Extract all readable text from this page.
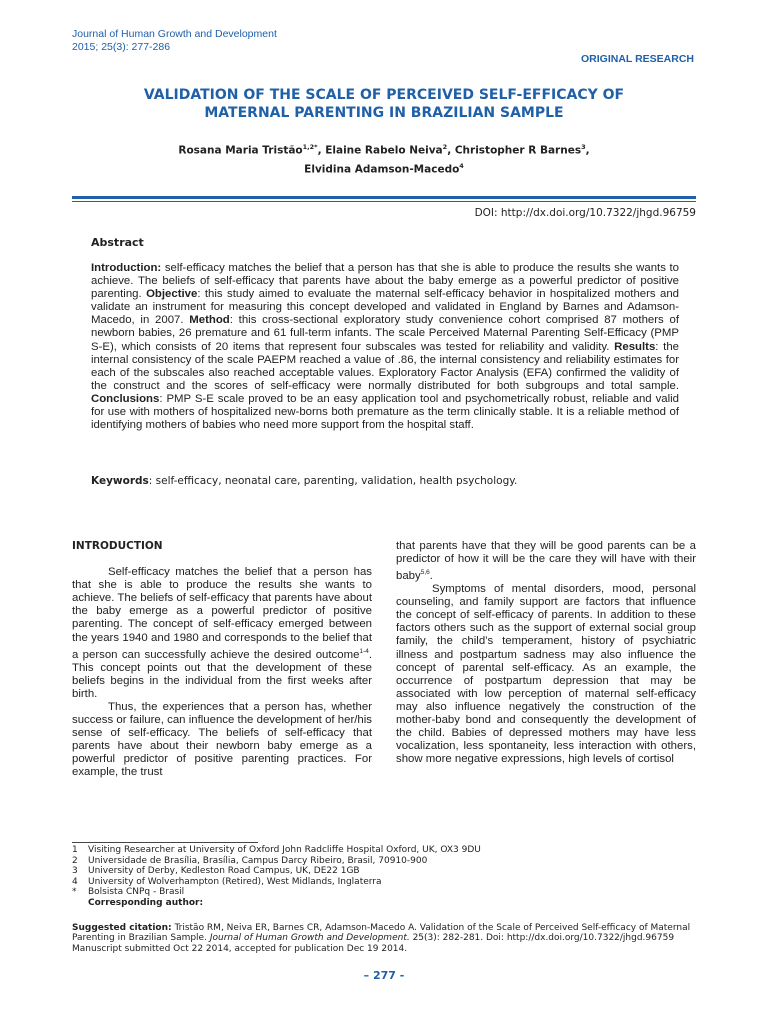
Journal of Human Growth and Development
2015; 25(3): 277-286
ORIGINAL RESEARCH
VALIDATION OF THE SCALE OF PERCEIVED SELF-EFFICACY OF
MATERNAL PARENTING IN BRAZILIAN SAMPLE
Rosana Maria Tristão$^{1,2*}$, Elaine Rabelo Neiva$^2$, Christopher R Barnes$^3$,
Elvidina Adamson-Macedo$^4$
DOI: http://dx.doi.org/10.7322/jhgd.96759
Abstract
Introduction: self-efficacy matches the belief that a person has that she is able to produce the results she wants to achieve. The beliefs of self-efficacy that parents have about the baby emerge as a powerful predictor of positive parenting. Objective: this study aimed to evaluate the maternal self-efficacy behavior in hospitalized mothers and validate an instrument for measuring this concept developed and validated in England by Barnes and Adamson-Macedo, in 2007. Method: this cross-sectional exploratory study convenience cohort comprised 87 mothers of newborn babies, 26 premature and 61 full-term infants. The scale Perceived Maternal Parenting Self-Efficacy (PMP S-E), which consists of 20 items that represent four subscales was tested for reliability and validity. Results: the internal consistency of the scale PAEPM reached a value of .86, the internal consistency and reliability estimates for each of the subscales also reached acceptable values. Exploratory Factor Analysis (EFA) confirmed the validity of the construct and the scores of self-efficacy were normally distributed for both subgroups and total sample. Conclusions: PMP S-E scale proved to be an easy application tool and psychometrically robust, reliable and valid for use with mothers of hospitalized new-borns both premature as the term clinically stable. It is a reliable method of identifying mothers of babies who need more support from the hospital staff.
Keywords: self-efficacy, neonatal care, parenting, validation, health psychology.
INTRODUCTION

Self-efficacy matches the belief that a person has that she is able to produce the results she wants to achieve. The beliefs of self-efficacy that parents have about the baby emerge as a powerful predictor of positive parenting. The concept of self-efficacy emerged between the years 1940 and 1980 and corresponds to the belief that a person can successfully achieve the desired outcome$^{1-4}$. This concept points out that the development of these beliefs begins in the individual from the first weeks after birth.

Thus, the experiences that a person has, whether success or failure, can influence the development of her/his sense of self-efficacy. The beliefs of self-efficacy that parents have about their newborn baby emerge as a powerful predictor of positive parenting practices. For example, the trust

that parents have that they will be good parents can be a predictor of how it will be the care they will have with their baby$^{5,6}$.

Symptoms of mental disorders, mood, personal counseling, and family support are factors that influence the concept of self-efficacy of parents. In addition to these factors others such as the support of external social group family, the child’s temperament, history of psychiatric illness and postpartum sadness may also influence the concept of parental self-efficacy. As an example, the occurrence of postpartum depression that may be associated with low perception of maternal self-efficacy may also influence negatively the construction of the mother-baby bond and consequently the development of the child. Babies of depressed mothers may have less vocalization, less spontaneity, less interaction with others, show more negative expressions, high levels of cortisol

1	Visiting Researcher at University of Oxford John Radcliffe Hospital Oxford, UK, OX3 9DU
2	Universidade de Brasília, Brasília, Campus Darcy Ribeiro, Brasil, 70910-900
3	University of Derby, Kedleston Road Campus, UK, DE22 1GB
4	University of Wolverhampton (Retired), West Midlands, Inglaterra
*	Bolsista CNPq - Brasil
Corresponding author:
Suggested citation: Tristão RM, Neiva ER, Barnes CR, Adamson-Macedo A. Validation of the Scale of Perceived Self-efficacy of Maternal Parenting in Brazilian Sample. Journal of Human Growth and Development. 25(3): 282-281. Doi: http://dx.doi.org/10.7322/jhgd.96759
Manuscript submitted Oct 22 2014, accepted for publication Dec 19 2014.
– 277 -
